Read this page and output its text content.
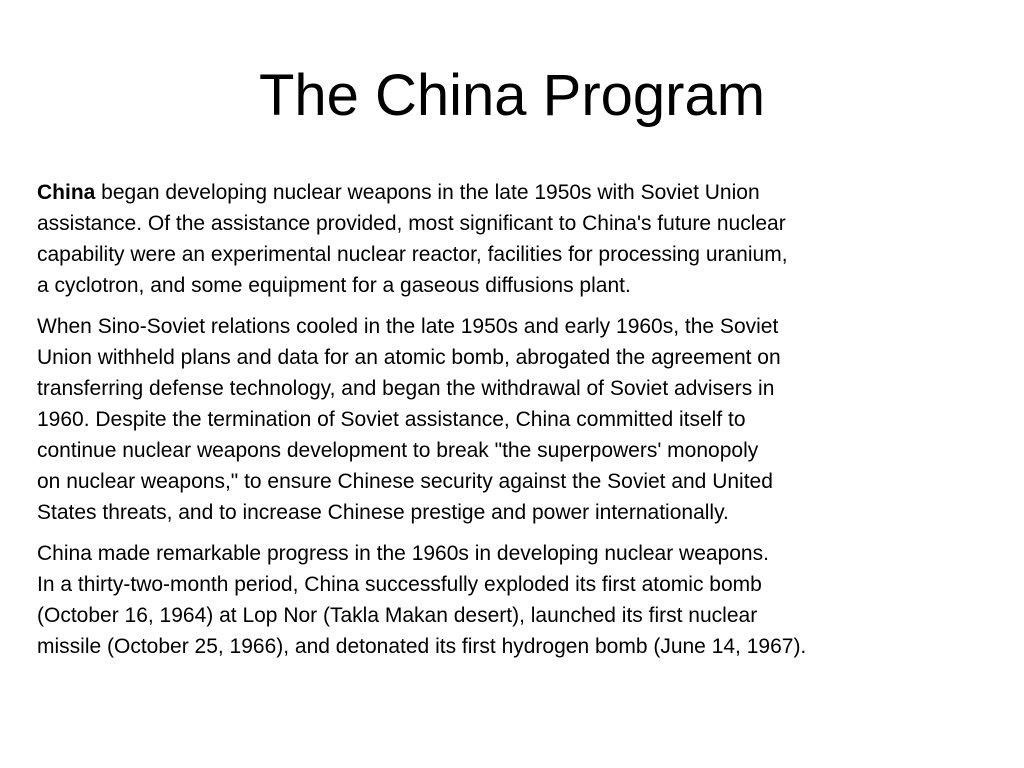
The China Program

China began developing nuclear weapons in the late 1950s with Soviet Union
assistance. Of the assistance provided, most significant to China's future nuclear
capability were an experimental nuclear reactor, facilities for processing uranium,
a cyclotron, and some equipment for a gaseous diffusions plant.

When Sino-Soviet relations cooled in the late 1950s and early 1960s, the Soviet
Union withheld plans and data for an atomic bomb, abrogated the agreement on
transferring defense technology, and began the withdrawal of Soviet advisers in
1960. Despite the termination of Soviet assistance, China committed itself to
continue nuclear weapons development to break "the superpowers' monopoly
on nuclear weapons," to ensure Chinese security against the Soviet and United
States threats, and to increase Chinese prestige and power internationally.

China made remarkable progress in the 1960s in developing nuclear weapons.
In a thirty-two-month period, China successfully exploded its first atomic bomb
(October 16, 1964) at Lop Nor (Takla Makan desert), launched its first nuclear
missile (October 25, 1966), and detonated its first hydrogen bomb (June 14, 1967).
